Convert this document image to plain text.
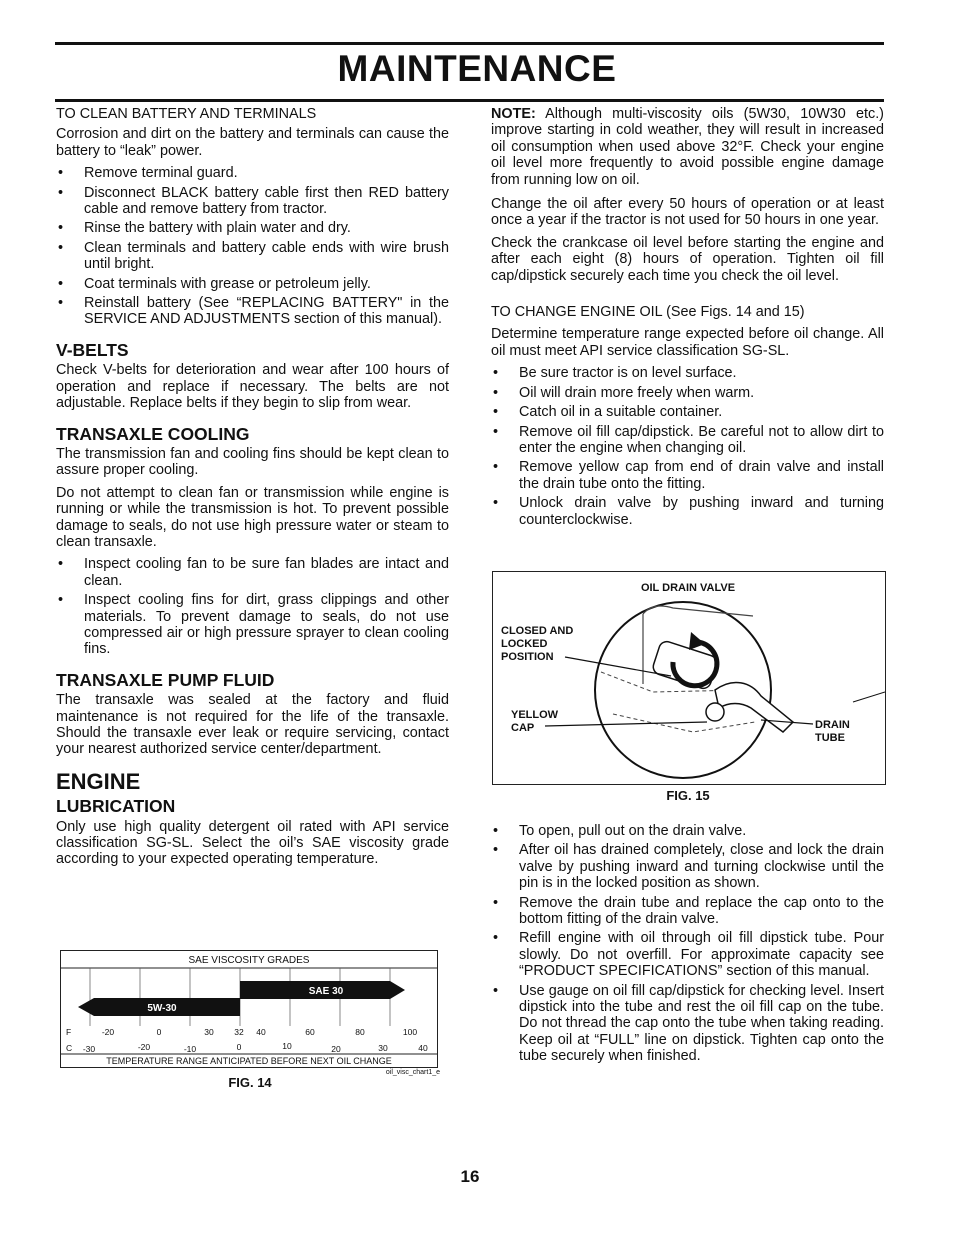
MAINTENANCE
TO CLEAN BATTERY AND TERMINALS

Corrosion and dirt on the battery and terminals can cause the battery to “leak” power.

• Remove terminal guard.
• Disconnect BLACK battery cable first then RED battery cable and remove battery from tractor.
• Rinse the battery with plain water and dry.
• Clean terminals and battery cable ends with wire brush until bright.
• Coat terminals with grease or petroleum jelly.
• Reinstall battery (See “REPLACING BATTERY" in the SERVICE AND ADJUSTMENTS section of this manual).
V-BELTS

Check V-belts for deterioration and wear after 100 hours of operation and replace if necessary. The belts are not adjustable. Replace belts if they begin to slip from wear.

TRANSAXLE COOLING

The transmission fan and cooling fins should be kept clean to assure proper cooling.

Do not attempt to clean fan or transmission while engine is running or while the transmission is hot. To prevent possible damage to seals, do not use high pressure water or steam to clean transaxle.

• Inspect cooling fan to be sure fan blades are intact and clean.
• Inspect cooling fins for dirt, grass clippings and other materials. To prevent damage to seals, do not use compressed air or high pressure sprayer to clean cooling fins.
TRANSAXLE PUMP FLUID

The transaxle was sealed at the factory and fluid maintenance is not required for the life of the transaxle. Should the transaxle ever leak or require servicing, contact your nearest authorized service center/department.

ENGINE
LUBRICATION

Only use high quality detergent oil rated with API service classification SG-SL. Select the oil’s SAE viscosity grade according to your expected operating temperature.

SAE VISCOSITY GRADES
SAE 30
5W-30
F
C
-20	0	30 32 40	60	80	100
-30	-20	-10	0	10	20	30	40
TEMPERATURE RANGE ANTICIPATED BEFORE NEXT OIL CHANGE
oil_visc_chart1_e
FIG. 14

NOTE: Although multi-viscosity oils (5W30, 10W30 etc.) improve starting in cold weather, they will result in increased oil consumption when used above 32°F. Check your engine oil level more frequently to avoid possible engine damage from running low on oil.

Change the oil after every 50 hours of operation or at least once a year if the tractor is not used for 50 hours in one year.

Check the crankcase oil level before starting the engine and after each eight (8) hours of operation. Tighten oil fill cap/dipstick securely each time you check the oil level.

TO CHANGE ENGINE OIL (See Figs. 14 and 15)

Determine temperature range expected before oil change. All oil must meet API service classification SG-SL.

• Be sure tractor is on level surface.
• Oil will drain more freely when warm.
• Catch oil in a suitable container.
• Remove oil fill cap/dipstick. Be careful not to allow dirt to enter the engine when changing oil.
• Remove yellow cap from end of drain valve and install the drain tube onto the fitting.
• Unlock drain valve by pushing inward and turning counterclockwise.
OIL DRAIN VALVE
CLOSED AND
LOCKED
POSITION
YELLOW
CAP	DRAIN
TUBE
FIG. 15
• To open, pull out on the drain valve.
• After oil has drained completely, close and lock the drain valve by pushing inward and turning clockwise until the pin is in the locked position as shown.
• Remove the drain tube and replace the cap onto to the bottom fitting of the drain valve.
• Refill engine with oil through oil fill dipstick tube. Pour slowly. Do not overfill. For approximate capacity see “PRODUCT SPECIFICATIONS” section of this manual.
• Use gauge on oil fill cap/dipstick for checking level. Insert dipstick into the tube and rest the oil fill cap on the tube. Do not thread the cap onto the tube when taking reading. Keep oil at “FULL” line on dipstick. Tighten cap onto the tube securely when finished.
16
